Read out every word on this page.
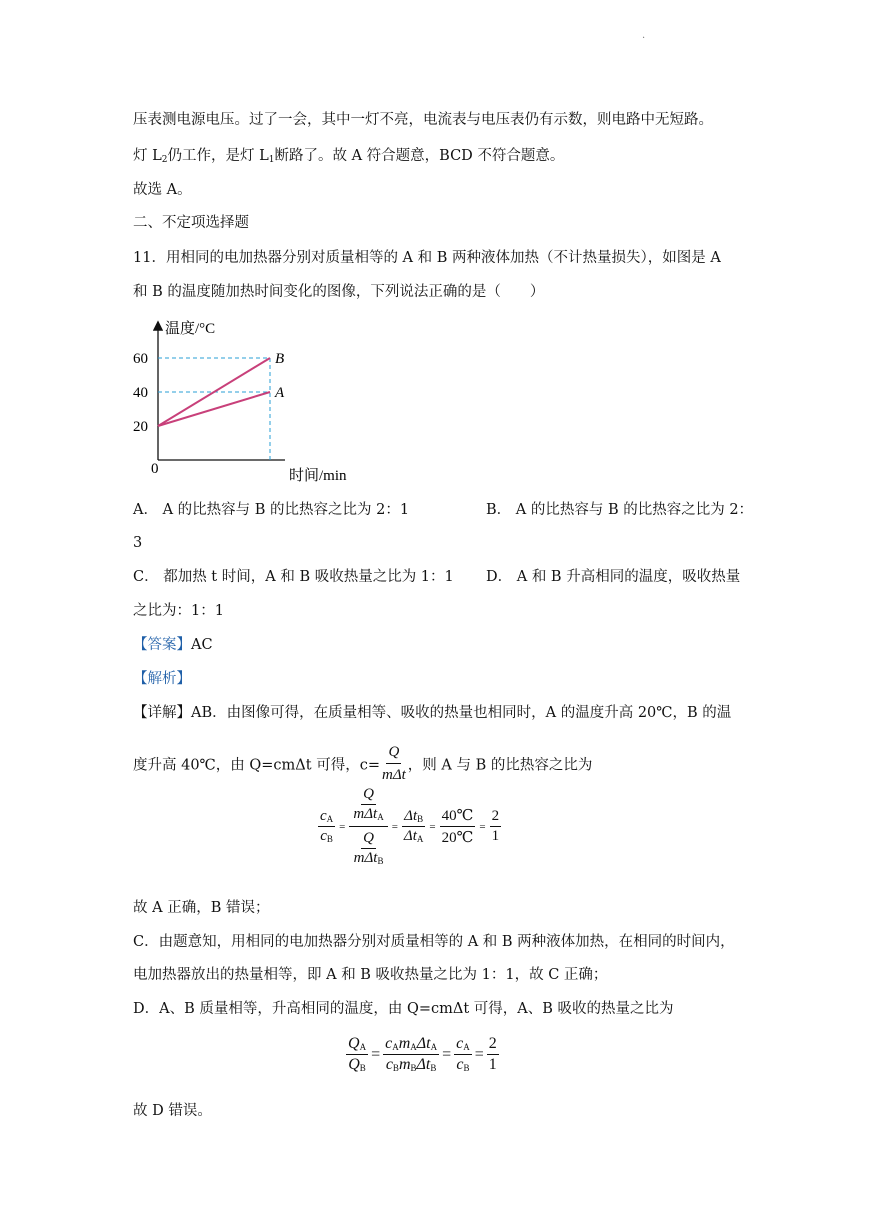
.
压表测电源电压。过了一会，其中一灯不亮，电流表与电压表仍有示数，则电路中无短路。
灯 $L_2$仍工作，是灯 $L_1$断路了。故 A 符合题意，BCD 不符合题意。
故选 A。
二、不定项选择题
11．用相同的电加热器分别对质量相等的 A 和 B 两种液体加热（不计热量损失），如图是 A
和 B 的温度随加热时间变化的图像，下列说法正确的是（　　）
温度/°C
时间/min
0
20
40
60
A
B
A． A 的比热容与 B 的比热容之比为 2：1	B． A 的比热容与 B 的比热容之比为 2：
3
C． 都加热 t 时间，A 和 B 吸收热量之比为 1：1 D． A 和 B 升高相同的温度，吸收热量
之比为：1：1
【答案】AC
【解析】
【详解】AB．由图像可得，在质量相等、吸收的热量也相同时，A 的温度升高 20℃，B 的温
度升高 40℃，由 Q=cmΔt 可得，$c= \frac{Q}{\text{mΔt}}$ ，则 A 与 B 的比热容之比为
$\frac{c_A}{c_B} = \frac{\frac{Q}{m\Delta t_A}}{\frac{Q}{m\Delta t_B}} = \frac{\Delta t_B}{\Delta t_A} = \frac{40℃}{20℃} = \frac{2}{1}$
故 A 正确，B 错误；
C．由题意知，用相同的电加热器分别对质量相等的 A 和 B 两种液体加热，在相同的时间内，
电加热器放出的热量相等，即 A 和 B 吸收热量之比为 1：1，故 C 正确；
D．A、B 质量相等，升高相同的温度，由 Q=cmΔt 可得，A、B 吸收的热量之比为
$\frac{Q_A}{Q_B} = \frac{c_Am_A\Delta t_A}{c_Bm_B\Delta t_B} = \frac{c_A}{c_B} = \frac{2}{1}$
故 D 错误。
